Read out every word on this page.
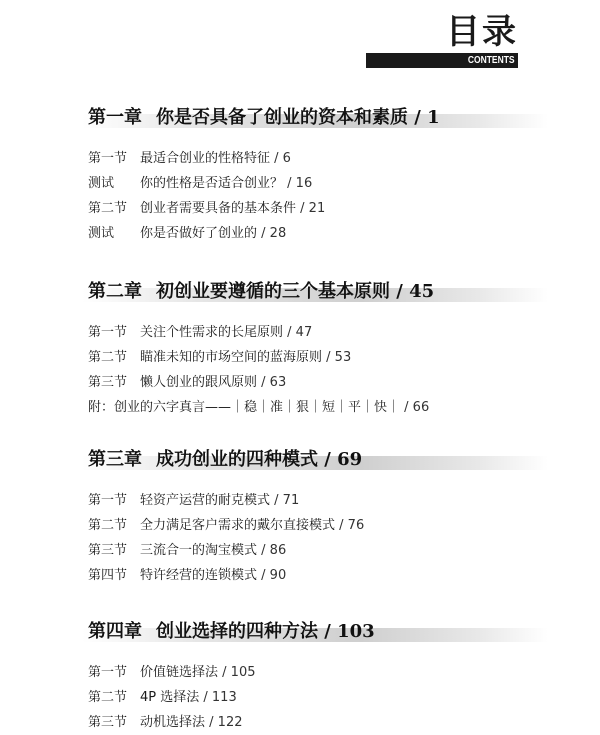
目录
CONTENTS
第一章 你是否具备了创业的资本和素质 / 1
第一节 最适合创业的性格特征 / 6
测试 你的性格是否适合创业？ / 16
第二节 创业者需要具备的基本条件 / 21
测试 你是否做好了创业的 / 28
第二章 初创业要遵循的三个基本原则 / 45
第一节 关注个性需求的长尾原则 / 47
第二节 瞄准未知的市场空间的蓝海原则 / 53
第三节 懒人创业的跟风原则 / 63
附：创业的六字真言——｜稳｜准｜狠｜短｜平｜快｜ / 66
第三章 成功创业的四种模式 / 69
第一节 轻资产运营的耐克模式 / 71
第二节 全力满足客户需求的戴尔直接模式 / 76
第三节 三流合一的淘宝模式 / 86
第四节 特许经营的连锁模式 / 90
第四章 创业选择的四种方法 / 103
第一节 价值链选择法 / 105
第二节 4P 选择法 / 113
第三节 动机选择法 / 122
